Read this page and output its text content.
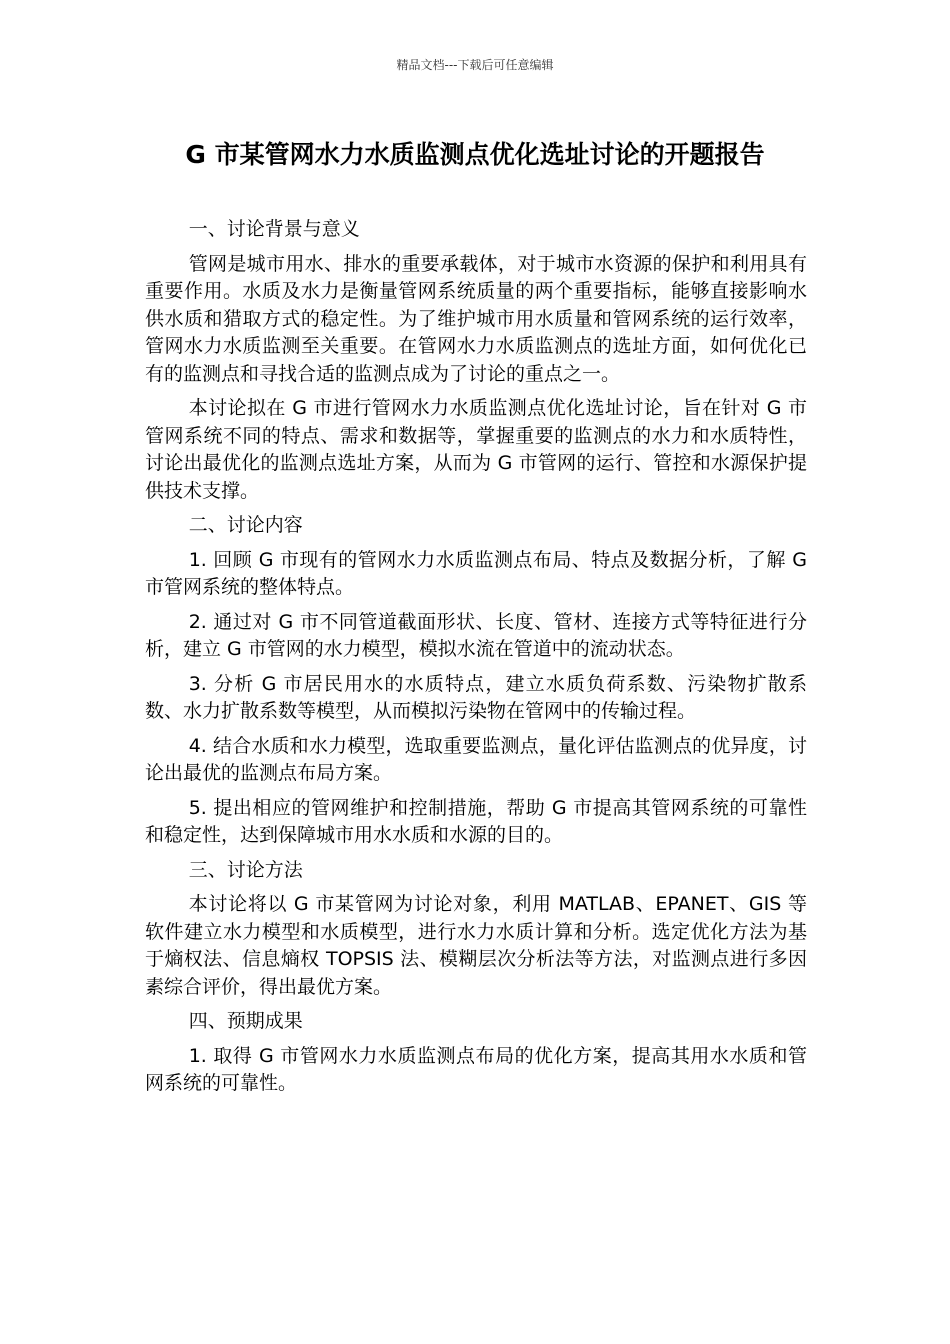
精品文档---下载后可任意编辑
G 市某管网水力水质监测点优化选址讨论的开题报告

一、讨论背景与意义

管网是城市用水、排水的重要承载体，对于城市水资源的保护和利用具有重要作用。水质及水力是衡量管网系统质量的两个重要指标，能够直接影响水供水质和猎取方式的稳定性。为了维护城市用水质量和管网系统的运行效率，管网水力水质监测至关重要。在管网水力水质监测点的选址方面，如何优化已有的监测点和寻找合适的监测点成为了讨论的重点之一。

本讨论拟在 G 市进行管网水力水质监测点优化选址讨论，旨在针对 G 市管网系统不同的特点、需求和数据等，掌握重要的监测点的水力和水质特性，讨论出最优化的监测点选址方案，从而为 G 市管网的运行、管控和水源保护提供技术支撑。

二、讨论内容

1. 回顾 G 市现有的管网水力水质监测点布局、特点及数据分析，了解 G 市管网系统的整体特点。

2. 通过对 G 市不同管道截面形状、长度、管材、连接方式等特征进行分析，建立 G 市管网的水力模型，模拟水流在管道中的流动状态。

3. 分析 G 市居民用水的水质特点，建立水质负荷系数、污染物扩散系数、水力扩散系数等模型，从而模拟污染物在管网中的传输过程。

4. 结合水质和水力模型，选取重要监测点，量化评估监测点的优异度，讨论出最优的监测点布局方案。

5. 提出相应的管网维护和控制措施，帮助 G 市提高其管网系统的可靠性和稳定性，达到保障城市用水水质和水源的目的。

三、讨论方法

本讨论将以 G 市某管网为讨论对象，利用 MATLAB、EPANET、GIS 等软件建立水力模型和水质模型，进行水力水质计算和分析。选定优化方法为基于熵权法、信息熵权 TOPSIS 法、模糊层次分析法等方法，对监测点进行多因素综合评价，得出最优方案。

四、预期成果

1. 取得 G 市管网水力水质监测点布局的优化方案，提高其用水水质和管网系统的可靠性。
